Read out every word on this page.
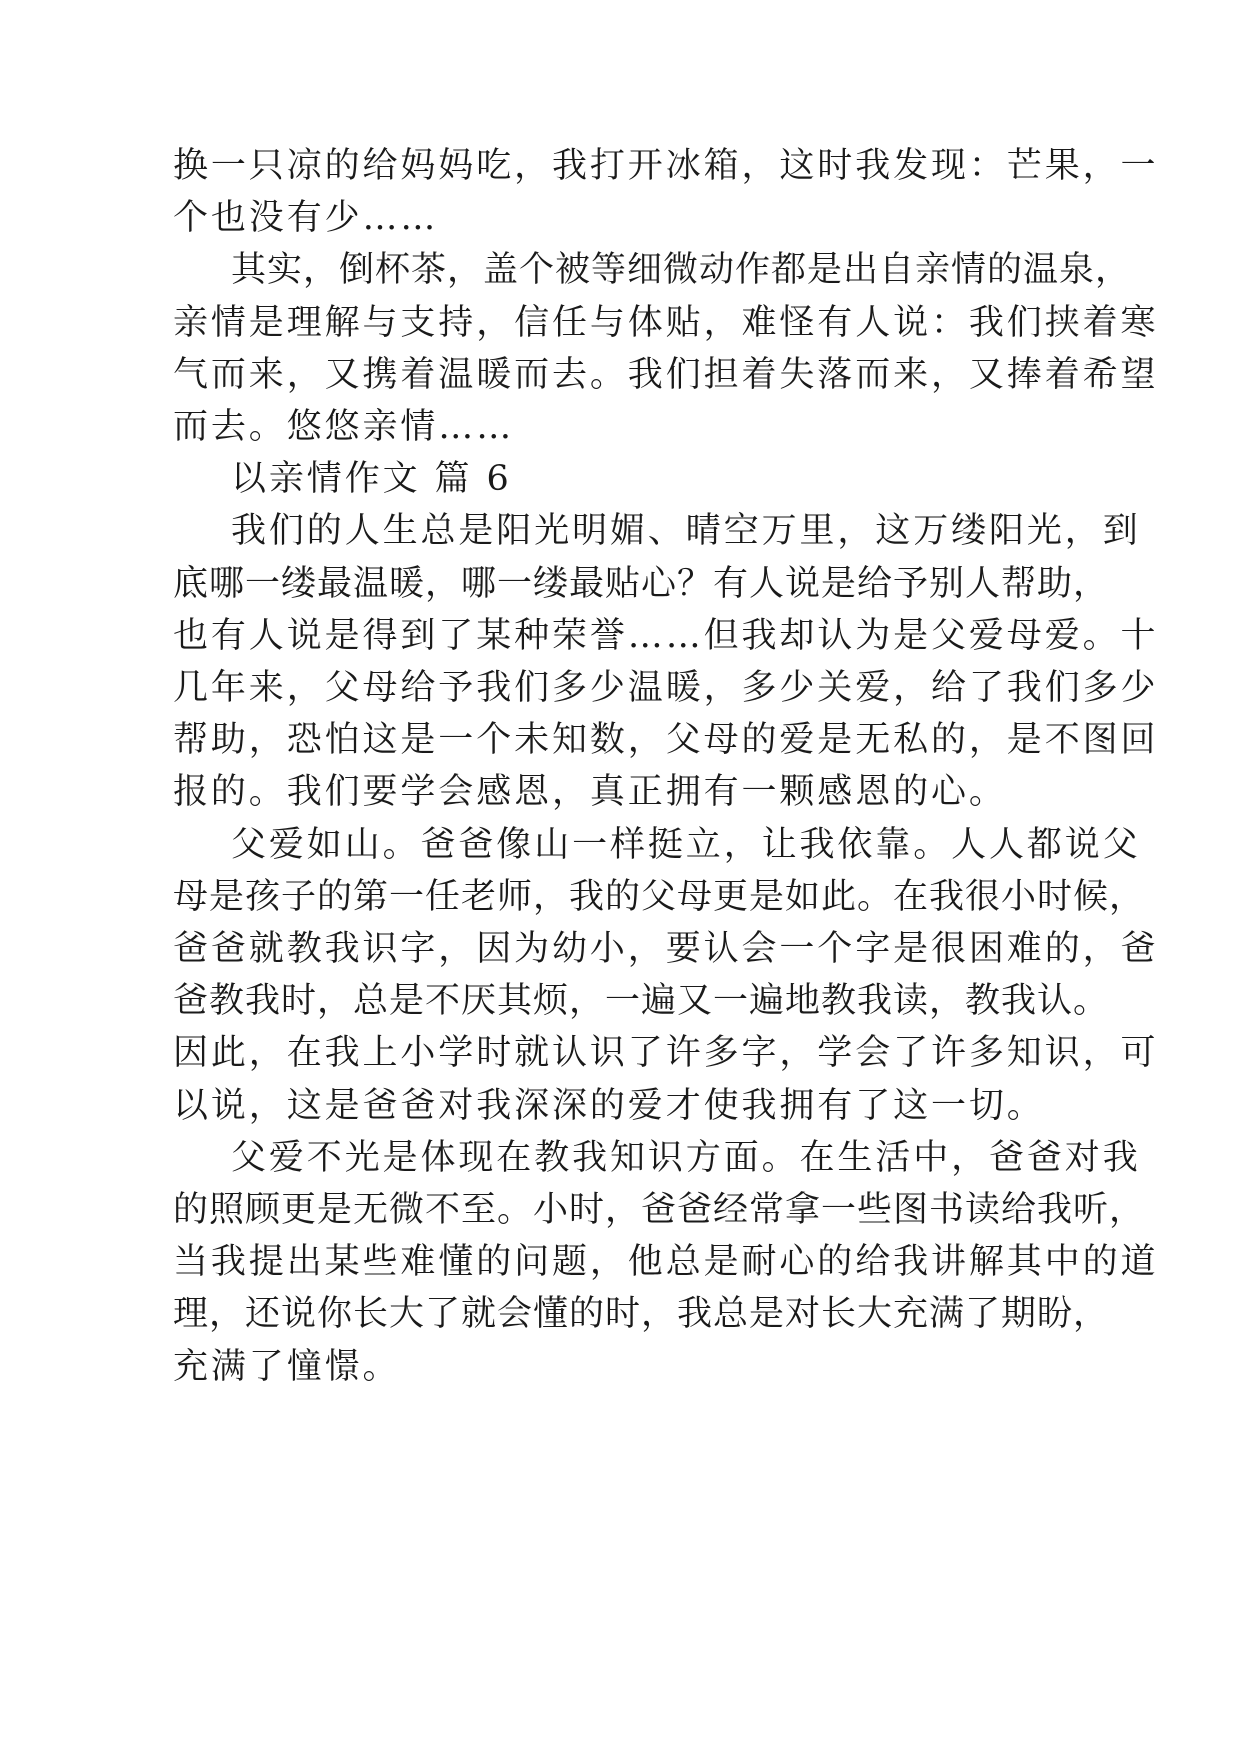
换一只凉的给妈妈吃，我打开冰箱，这时我发现：芒果，一
个也没有少……
其实，倒杯茶，盖个被等细微动作都是出自亲情的温泉，
亲情是理解与支持，信任与体贴，难怪有人说：我们挟着寒
气而来，又携着温暖而去。我们担着失落而来，又捧着希望
而去。悠悠亲情……
以亲情作文 篇 6
我们的人生总是阳光明媚、晴空万里，这万缕阳光，到
底哪一缕最温暖，哪一缕最贴心？有人说是给予别人帮助，
也有人说是得到了某种荣誉……但我却认为是父爱母爱。十
几年来，父母给予我们多少温暖，多少关爱，给了我们多少
帮助，恐怕这是一个未知数，父母的爱是无私的，是不图回
报的。我们要学会感恩，真正拥有一颗感恩的心。
父爱如山。爸爸像山一样挺立，让我依靠。人人都说父
母是孩子的第一任老师，我的父母更是如此。在我很小时候，
爸爸就教我识字，因为幼小，要认会一个字是很困难的，爸
爸教我时，总是不厌其烦，一遍又一遍地教我读，教我认。
因此，在我上小学时就认识了许多字，学会了许多知识，可
以说，这是爸爸对我深深的爱才使我拥有了这一切。
父爱不光是体现在教我知识方面。在生活中，爸爸对我
的照顾更是无微不至。小时，爸爸经常拿一些图书读给我听，
当我提出某些难懂的问题，他总是耐心的给我讲解其中的道
理，还说你长大了就会懂的时，我总是对长大充满了期盼，
充满了憧憬。
